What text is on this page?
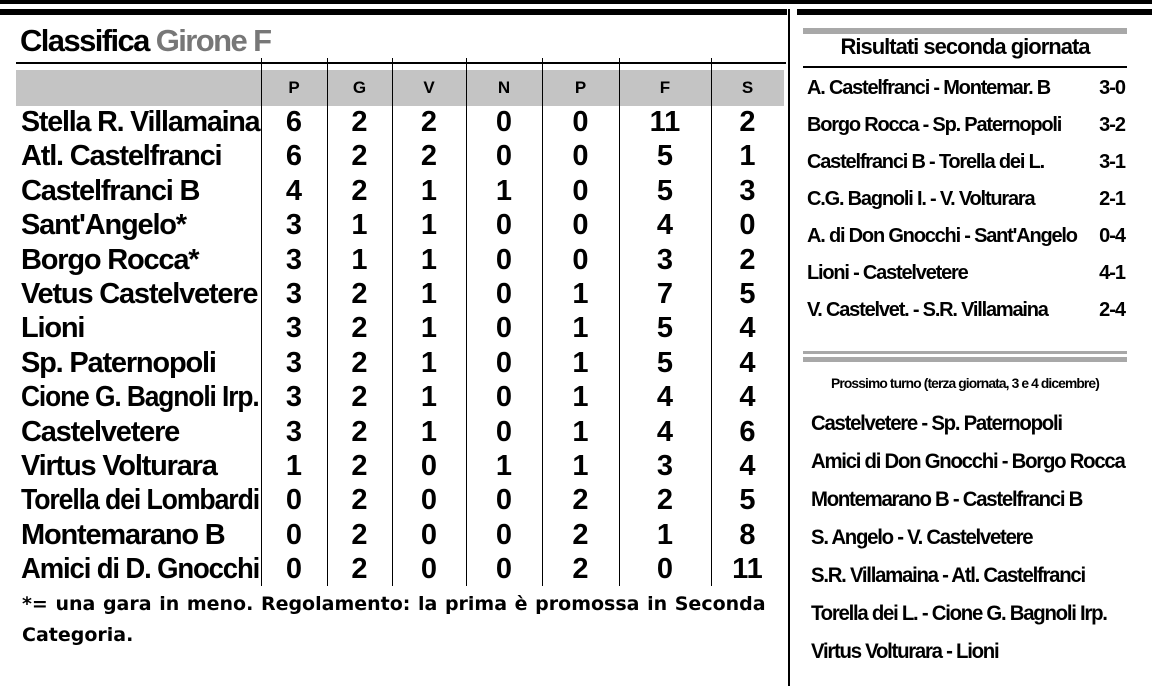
Classifica Girone F
P	G	V	N	P	F	S
Stella R. Villamaina 6	2	2	0	0	11	2
Atl. Castelfranci	6	2	2	0	0	5	1
Castelfranci B	4	2	1	1	0	5	3
Sant'Angelo*	3	1	1	0	0	4	0
Borgo Rocca*	3	1	1	0	0	3	2
Vetus Castelvetere 3	2	1	0	1	7	5
Lioni	3	2	1	0	1	5	4
Sp. Paternopoli	3	2	1	0	1	5	4
Cione G. Bagnoli Irp. 3	2	1	0	1	4	4
Castelvetere	3	2	1	0	1	4	6
Virtus Volturara	1	2	0	1	1	3	4
Torella dei Lombardi 0	2	0	0	2	2	5
Montemarano B	0	2	0	0	2	1	8
Amici di D. Gnocchi 0	2	0	0	2	0	11
*= una gara in meno. Regolamento: la prima è promossa in Seconda Categoria.
Risultati seconda giornata
A. Castelfranci - Montemar. B 3-0
Borgo Rocca - Sp. Paternopoli 3-2
Castelfranci B - Torella dei L.	3-1
C.G. Bagnoli I. - V. Volturara	2-1
A. di Don Gnocchi - Sant'Angelo 0-4
Lioni - Castelvetere	4-1
V. Castelvet. - S.R. Villamaina	2-4
Prossimo turno (terza giornata, 3 e 4 dicembre)
Castelvetere - Sp. Paternopoli
Amici di Don Gnocchi - Borgo Rocca
Montemarano B - Castelfranci B
S. Angelo - V. Castelvetere
S.R. Villamaina - Atl. Castelfranci
Torella dei L. - Cione G. Bagnoli Irp.
Virtus Volturara - Lioni
